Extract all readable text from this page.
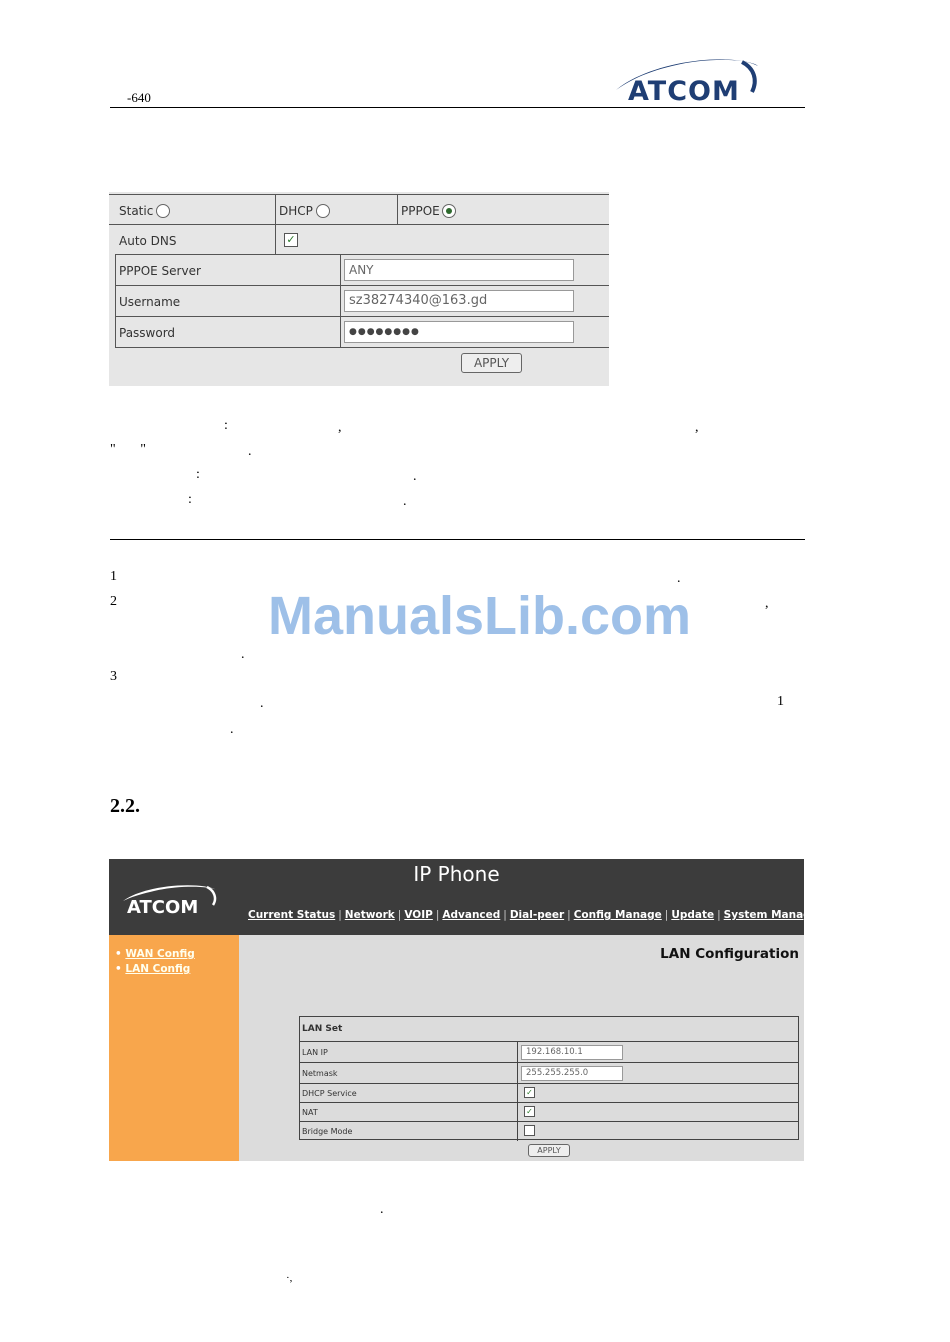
-640	ATCOM
Static	DHCP	PPPOE
Auto DNS	✓
PPPOE Server	ANY
Username	sz38274340@163.gd
Password	●●●●●●●●
APPLY
:	,	,
"       "	.
:	.
:	.
1	.
2	,
.
3
.	1
.
ManualsLib.com
2.2.
IP Phone
ATCOM	Current Status | Network | VOIP | Advanced | Dial-peer | Config Manage | Update | System Manage
• WAN Config
• LAN Config
LAN Configuration
LAN Set
LAN IP	192.168.10.1
Netmask	255.255.255.0
DHCP Service	✓
NAT	✓
Bridge Mode
APPLY
.
·,
